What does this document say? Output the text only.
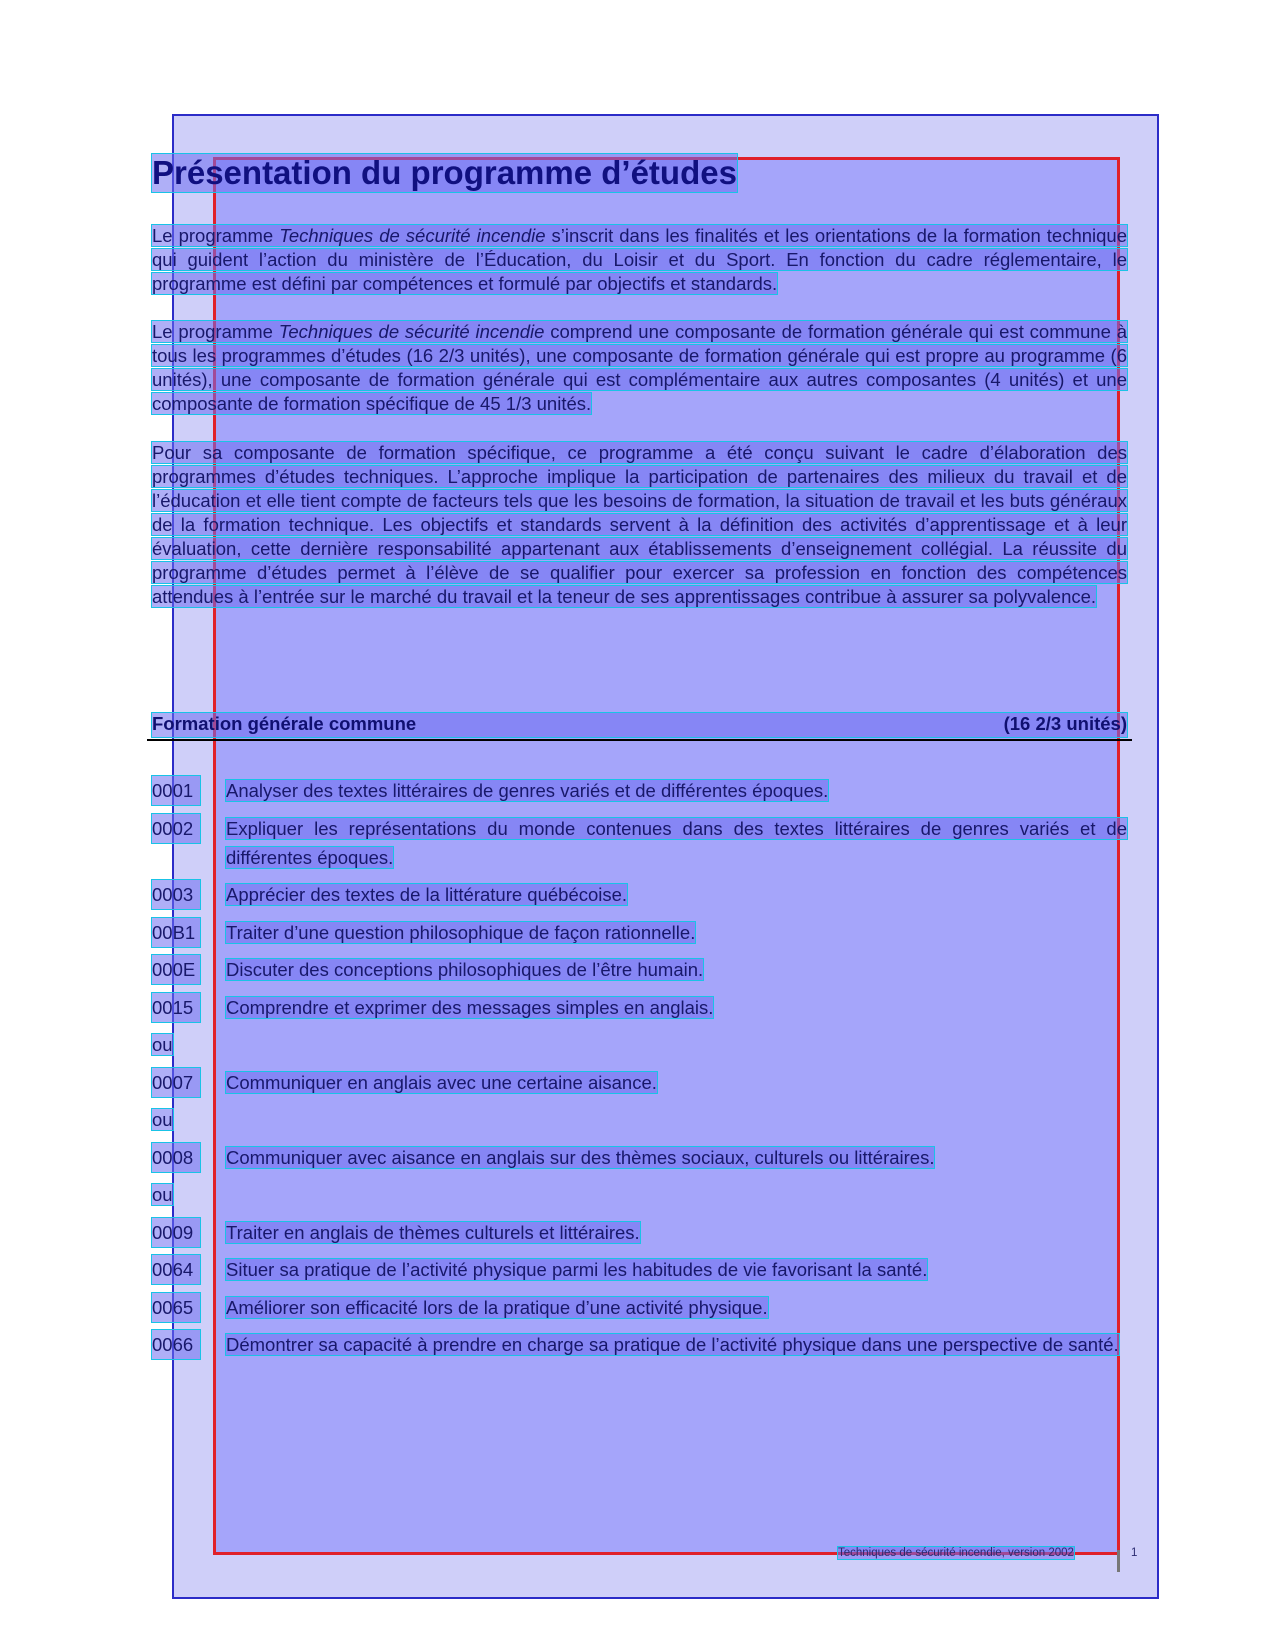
Présentation du programme d’études

Le programme Techniques de sécurité incendie s’inscrit dans les finalités et les orientations de la formation technique qui guident l’action du ministère de l’Éducation, du Loisir et du Sport. En fonction du cadre réglementaire, le programme est défini par compétences et formulé par objectifs et standards.

Le programme Techniques de sécurité incendie comprend une composante de formation générale qui est commune à tous les programmes d’études (16 2/3 unités), une composante de formation générale qui est propre au programme (6 unités), une composante de formation générale qui est complémentaire aux autres composantes (4 unités) et une composante de formation spécifique de 45 1/3 unités.

Pour sa composante de formation spécifique, ce programme a été conçu suivant le cadre d’élaboration des programmes d’études techniques. L’approche implique la participation de partenaires des milieux du travail et de l’éducation et elle tient compte de facteurs tels que les besoins de formation, la situation de travail et les buts généraux de la formation technique. Les objectifs et standards servent à la définition des activités d’apprentissage et à leur évaluation, cette dernière responsabilité appartenant aux établissements d’enseignement collégial. La réussite du programme d’études permet à l’élève de se qualifier pour exercer sa profession en fonction des compétences attendues à l’entrée sur le marché du travail et la teneur de ses apprentissages contribue à assurer sa polyvalence.

Formation générale commune	(16 2/3 unités)
0001	Analyser des textes littéraires de genres variés et de différentes époques.
0002	Expliquer les représentations du monde contenues dans des textes littéraires de genres variés et de différentes époques.
0003	Apprécier des textes de la littérature québécoise.
00B1 Traiter d’une question philosophique de façon rationnelle.
000E Discuter des conceptions philosophiques de l’être humain.
0015	Comprendre et exprimer des messages simples en anglais.
ou
0007	Communiquer en anglais avec une certaine aisance.
ou
0008	Communiquer avec aisance en anglais sur des thèmes sociaux, culturels ou littéraires.
ou
0009	Traiter en anglais de thèmes culturels et littéraires.
0064	Situer sa pratique de l’activité physique parmi les habitudes de vie favorisant la santé.
0065	Améliorer son efficacité lors de la pratique d’une activité physique.
0066	Démontrer sa capacité à prendre en charge sa pratique de l’activité physique dans une perspective de santé.
Techniques de sécurité incendie, version 2002	1
